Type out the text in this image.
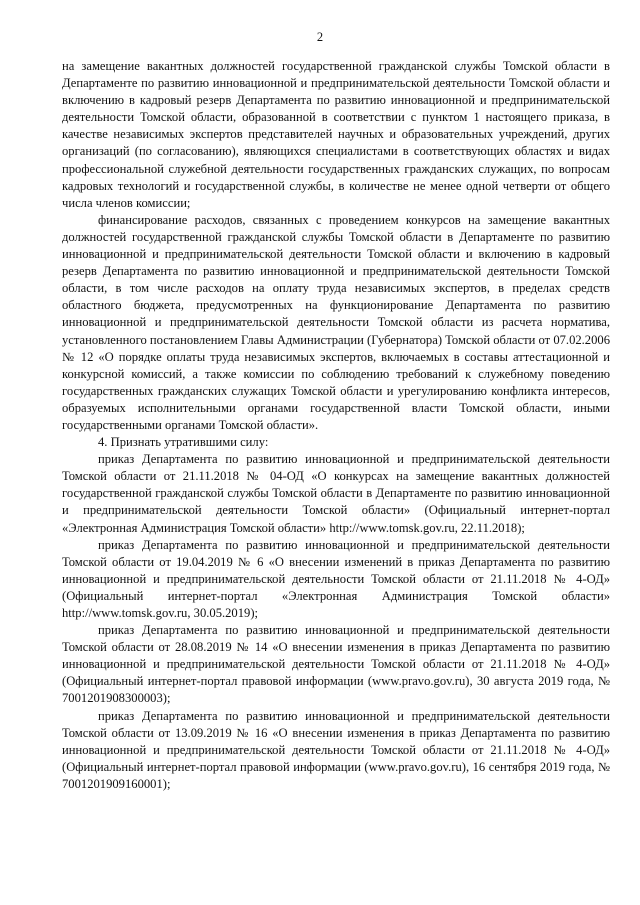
2

на замещение вакантных должностей государственной гражданской службы Томской области в Департаменте по развитию инновационной и предпринимательской деятельности Томской области и включению в кадровый резерв Департамента по развитию инновационной и предпринимательской деятельности Томской области, образованной в соответствии с пунктом 1 настоящего приказа, в качестве независимых экспертов представителей научных и образовательных учреждений, других организаций (по согласованию), являющихся специалистами в соответствующих областях и видах профессиональной служебной деятельности государственных гражданских служащих, по вопросам кадровых технологий и государственной службы, в количестве не менее одной четверти от общего числа членов комиссии;

финансирование расходов, связанных с проведением конкурсов на замещение вакантных должностей государственной гражданской службы Томской области в Департаменте по развитию инновационной и предпринимательской деятельности Томской области и включению в кадровый резерв Департамента по развитию инновационной и предпринимательской деятельности Томской области, в том числе расходов на оплату труда независимых экспертов, в пределах средств областного бюджета, предусмотренных на функционирование Департамента по развитию инновационной и предпринимательской деятельности Томской области из расчета норматива, установленного постановлением Главы Администрации (Губернатора) Томской области от 07.02.2006 № 12 «О порядке оплаты труда независимых экспертов, включаемых в составы аттестационной и конкурсной комиссий, а также комиссии по соблюдению требований к служебному поведению государственных гражданских служащих Томской области и урегулированию конфликта интересов, образуемых исполнительными органами государственной власти Томской области, иными государственными органами Томской области».

4. Признать утратившими силу:

приказ Департамента по развитию инновационной и предпринимательской деятельности Томской области от 21.11.2018 № 04-ОД «О конкурсах на замещение вакантных должностей государственной гражданской службы Томской области в Департаменте по развитию инновационной и предпринимательской деятельности Томской области» (Официальный интернет-портал «Электронная Администрация Томской области» http://www.tomsk.gov.ru, 22.11.2018);

приказ Департамента по развитию инновационной и предпринимательской деятельности Томской области от 19.04.2019 № 6 «О внесении изменений в приказ Департамента по развитию инновационной и предпринимательской деятельности Томской области от 21.11.2018 № 4-ОД» (Официальный интернет-портал «Электронная Администрация Томской области» http://www.tomsk.gov.ru, 30.05.2019);

приказ Департамента по развитию инновационной и предпринимательской деятельности Томской области от 28.08.2019 № 14 «О внесении изменения в приказ Департамента по развитию инновационной и предпринимательской деятельности Томской области от 21.11.2018 № 4-ОД» (Официальный интернет-портал правовой информации (www.pravo.gov.ru), 30 августа 2019 года, № 7001201908300003);

приказ Департамента по развитию инновационной и предпринимательской деятельности Томской области от 13.09.2019 № 16 «О внесении изменения в приказ Департамента по развитию инновационной и предпринимательской деятельности Томской области от 21.11.2018 № 4-ОД» (Официальный интернет-портал правовой информации (www.pravo.gov.ru), 16 сентября 2019 года, № 7001201909160001);
